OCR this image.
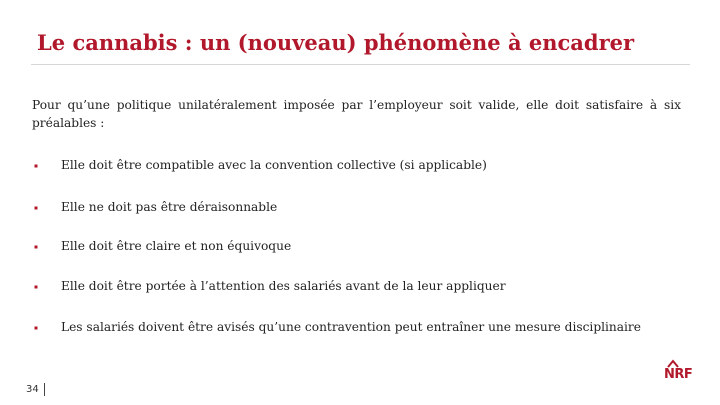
Le cannabis : un (nouveau) phénomène à encadrer
Pour qu’une politique unilatéralement imposée par l’employeur soit valide, elle doit satisfaire à six préalables :
Elle doit être compatible avec la convention collective (si applicable)
Elle ne doit pas être déraisonnable
Elle doit être claire et non équivoque
Elle doit être portée à l’attention des salariés avant de la leur appliquer
Les salariés doivent être avisés qu’une contravention peut entraîner une mesure disciplinaire
34
NRF
